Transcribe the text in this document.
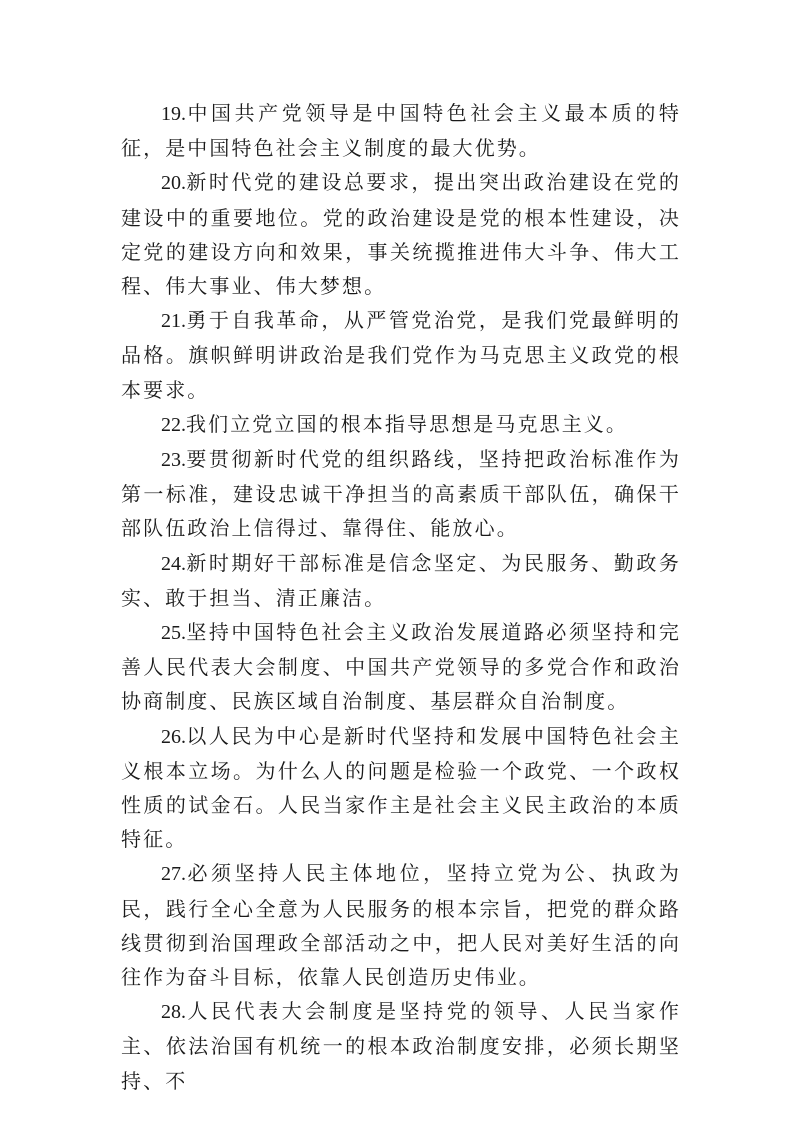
19.中国共产党领导是中国特色社会主义最本质的特征，是中国特色社会主义制度的最大优势。

20.新时代党的建设总要求，提出突出政治建设在党的建设中的重要地位。党的政治建设是党的根本性建设，决定党的建设方向和效果，事关统揽推进伟大斗争、伟大工程、伟大事业、伟大梦想。

21.勇于自我革命，从严管党治党，是我们党最鲜明的品格。旗帜鲜明讲政治是我们党作为马克思主义政党的根本要求。

22.我们立党立国的根本指导思想是马克思主义。

23.要贯彻新时代党的组织路线，坚持把政治标准作为第一标准，建设忠诚干净担当的高素质干部队伍，确保干部队伍政治上信得过、靠得住、能放心。

24.新时期好干部标准是信念坚定、为民服务、勤政务实、敢于担当、清正廉洁。

25.坚持中国特色社会主义政治发展道路必须坚持和完善人民代表大会制度、中国共产党领导的多党合作和政治协商制度、民族区域自治制度、基层群众自治制度。

26.以人民为中心是新时代坚持和发展中国特色社会主义根本立场。为什么人的问题是检验一个政党、一个政权性质的试金石。人民当家作主是社会主义民主政治的本质特征。

27.必须坚持人民主体地位，坚持立党为公、执政为民，践行全心全意为人民服务的根本宗旨，把党的群众路线贯彻到治国理政全部活动之中，把人民对美好生活的向往作为奋斗目标，依靠人民创造历史伟业。

28.人民代表大会制度是坚持党的领导、人民当家作主、依法治国有机统一的根本政治制度安排，必须长期坚持、不
